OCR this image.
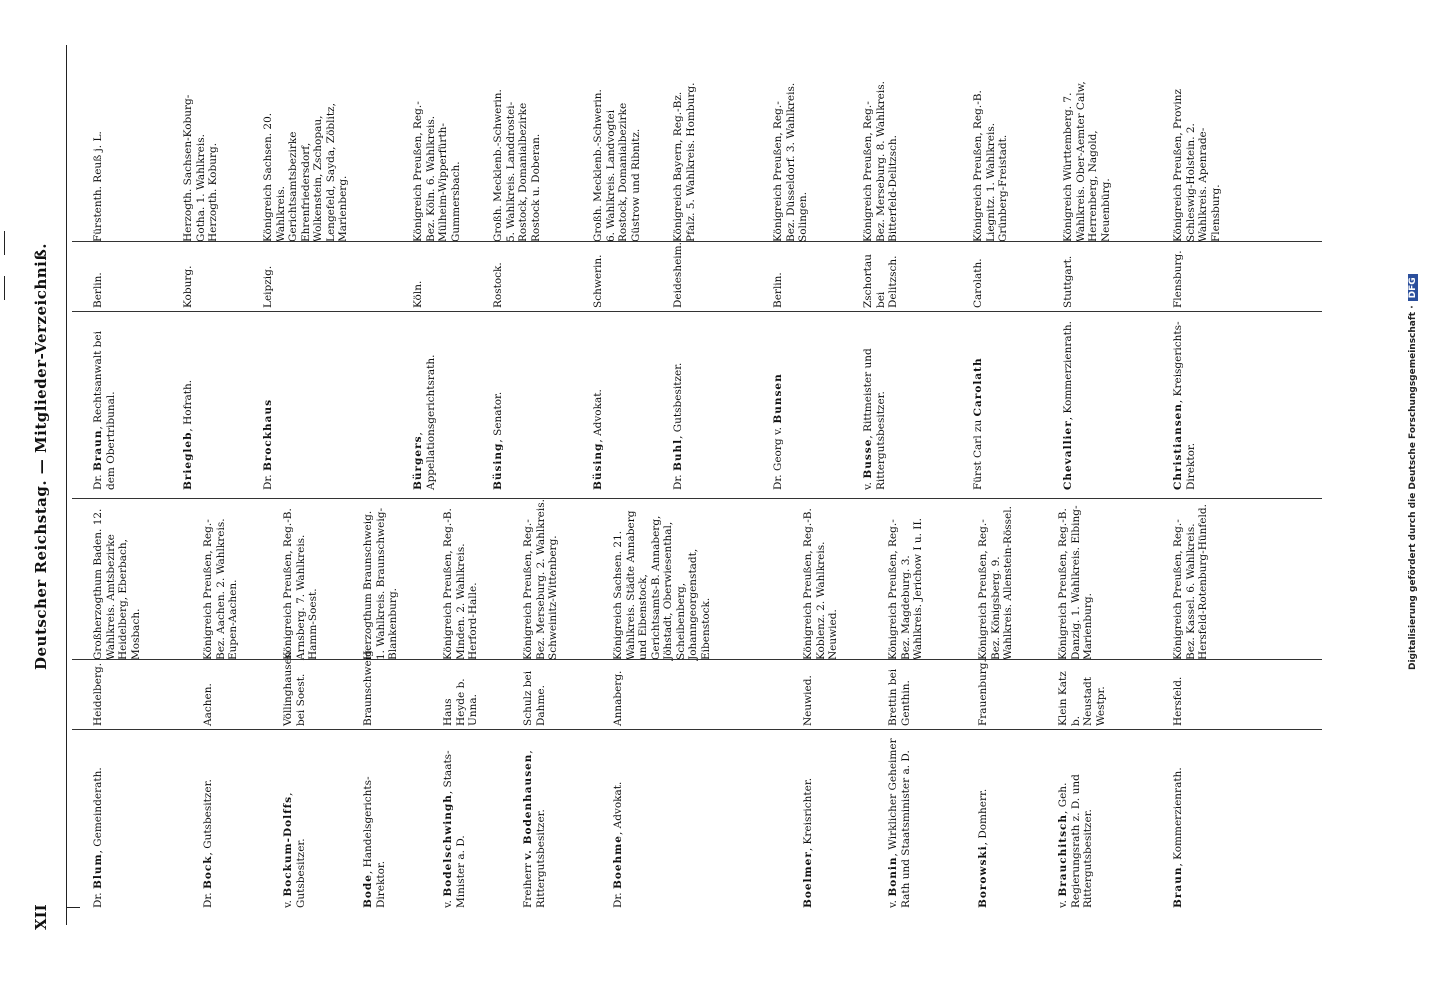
XII
Deutscher Reichstag. — Mitglieder-Verzeichniß.
Dr. Blum, Gemeinderath.
Heidelberg.
Großherzogthum Baden. 12. Wahlkreis. Amtsbezirke Heidelberg, Eberbach, Mosbach.
Dr. Bock, Gutsbesitzer.
Aachen.
Königreich Preußen, Reg.-Bez. Aachen. 2. Wahlkreis. Eupen-Aachen.
v. Bockum-Dolffs, Gutsbesitzer.
Völlinghausen bei Soest.
Königreich Preußen, Reg.-B. Arnsberg. 7. Wahlkreis. Hamm-Soest.
Bode, Handelsgerichts-Direktor.
Braunschweig.
Herzogthum Braunschweig. 1. Wahlkreis. Braunschweig-Blankenburg.
v. Bodelschwingh, Staats-Minister a. D.
Haus Heyde b. Unna.
Königreich Preußen, Reg.-B. Minden. 2. Wahlkreis. Herford-Halle.
Freiherr v. Bodenhausen, Rittergutsbesitzer.
Schulz bei Dahme.
Königreich Preußen, Reg.-Bez. Merseburg. 2. Wahlkreis. Schweinitz-Wittenberg.
Dr. Boehme, Advokat.
Annaberg.
Königreich Sachsen. 21. Wahlkreis. Städte Annaberg und Eibenstock, Gerichtsamts-B. Annaberg, Jöhstadt, Oberwiesenthal, Scheibenberg, Johanngeorgenstadt, Eibenstock.
Boelmer, Kreisrichter.
Neuwied.
Königreich Preußen, Reg.-B. Koblenz. 2. Wahlkreis. Neuwied.
v. Bonin, Wirklicher Geheimer Rath und Staatsminister a. D.
Brettin bei Genthin.
Königreich Preußen, Reg.-Bez. Magdeburg. 3. Wahlkreis. Jerichow I u. II.
Borowski, Domherr.
Frauenburg.
Königreich Preußen, Reg.-Bez. Königsberg. 9. Wahlkreis. Allenstein-Rössel.
v. Brauchitsch, Geh. Regierungsrath z. D. und Rittergutsbesitzer.
Klein Katz b. Neustadt Westpr.
Königreich Preußen, Reg.-B. Danzig. 1. Wahlkreis. Elbing-Marienburg.
Braun, Kommerzienrath.
Hersfeld.
Königreich Preußen, Reg.-Bez. Kassel. 6. Wahlkreis. Hersfeld-Rotenburg-Hünfeld.
Dr. Braun, Rechtsanwalt bei dem Obertribunal.
Berlin.
Fürstenth. Reuß j. L.
Briegleb, Hofrath.
Koburg.
Herzogth. Sachsen-Koburg-Gotha. 1. Wahlkreis. Herzogth. Koburg.
Dr. Brockhaus
Leipzig.
Königreich Sachsen. 20. Wahlkreis. Gerichtsamtsbezirke Ehrenfriedersdorf, Wolkenstein, Zschopau, Lengefeld, Sayda, Zöblitz, Marienberg.
Bürgers, Appellationsgerichtsrath.
Köln.
Königreich Preußen, Reg.-Bez. Köln. 6. Wahlkreis. Mülheim-Wipperfürth-Gummersbach.
Büsing, Senator.
Rostock.
Großh. Mecklenb.-Schwerin. 5. Wahlkreis. Landdrostei-Rostock, Domanialbezirke Rostock u. Doberan.
Büsing, Advokat.
Schwerin.
Großh. Mecklenb.-Schwerin. 6. Wahlkreis. Landvogtei Rostock, Domanialbezirke Güstrow und Ribnitz.
Dr. Buhl, Gutsbesitzer.
Deidesheim.
Königreich Bayern, Reg.-Bz. Pfalz. 5. Wahlkreis. Homburg.
Dr. Georg v. Bunsen
Berlin.
Königreich Preußen, Reg.-Bez. Düsseldorf. 3. Wahlkreis. Solingen.
v. Busse, Rittmeister und Rittergutsbesitzer.
Zschortau bei Delitzsch.
Königreich Preußen, Reg.-Bez. Merseburg. 8. Wahlkreis. Bitterfeld-Delitzsch.
Fürst Carl zu Carolath
Carolath.
Königreich Preußen, Reg.-B. Liegnitz. 1. Wahlkreis. Grünberg-Freistadt.
Chevallier, Kommerzienrath.
Stuttgart.
Königreich Württemberg. 7. Wahlkreis. Ober-Aemter Calw, Herrenberg, Nagold, Neuenbürg.
Christiansen, Kreisgerichts-Direktor.
Flensburg.
Königreich Preußen, Provinz Schleswig-Holstein. 2. Wahlkreis. Apenrade-Flensburg.
Digitalisierung gefördert durch die Deutsche Forschungsgemeinschaft ·DFG
